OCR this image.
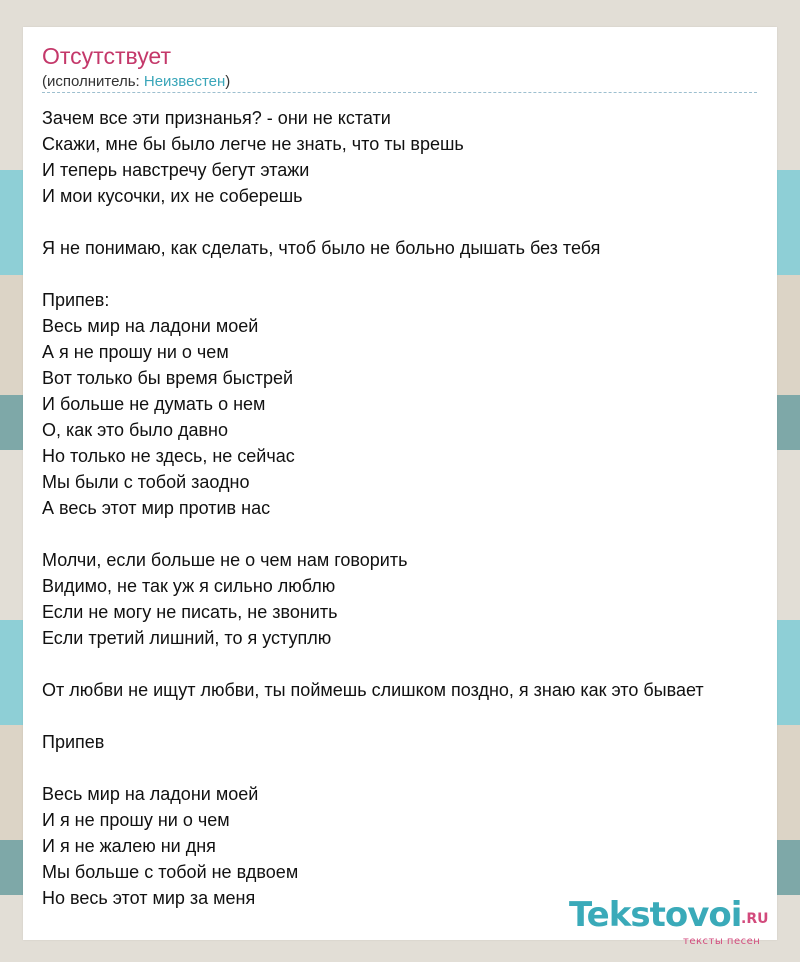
Отсутствует
(исполнитель: Неизвестен)
Зачем все эти признанья? - они не кстати
Скажи, мне бы было легче не знать, что ты врешь
И теперь навстречу бегут этажи
И мои кусочки, их не соберешь
Я не понимаю, как сделать, чтоб было не больно дышать без тебя
Припев:
Весь мир на ладони моей
А я не прошу ни о чем
Вот только бы время быстрей
И больше не думать о нем
О, как это было давно
Но только не здесь, не сейчас
Мы были с тобой заодно
А весь этот мир против нас
Молчи, если больше не о чем нам говорить
Видимо, не так уж я сильно люблю
Если не могу не писать, не звонить
Если третий лишний, то я уступлю
От любви не ищут любви, ты поймешь слишком поздно, я знаю как это бывает
Припев
Весь мир на ладони моей
И я не прошу ни о чем
И я не жалею ни дня
Мы больше с тобой не вдвоем
Но весь этот мир за меня	Tekstovoi .RU
тексты песен
